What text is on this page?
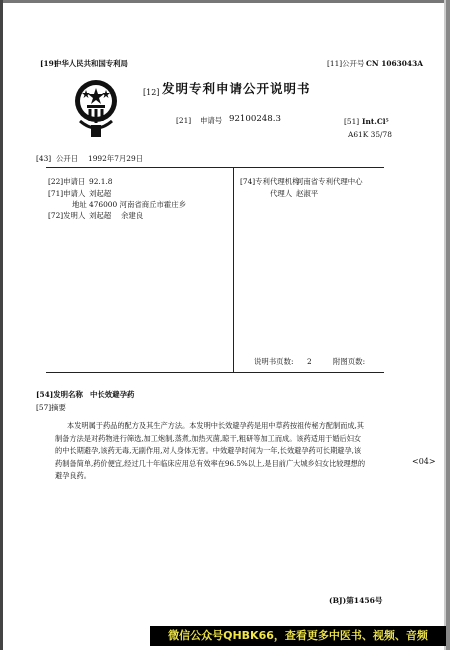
[19]
中华人民共和国专利局	[11]公开号 CN 1063043A
[12] 发明专利申请公开说明书
[21] 申请号 92100248.3	[51] Int.Cl⁵
A61K 35/78
[43] 公开日 1992年7月29日
[22]申请日 92.1.8
[71]申请人 刘起超
地址 476000 河南省商丘市霍庄乡
[72]发明人 刘起超 余建良
[74]专利代理机构
河南省专利代理中心
代理人 赵淑平
说明书页数: 2	附图页数:
[54]发明名称 中长效避孕药
[57]摘要
本发明属于药品的配方及其生产方法。本发明中长效避孕药是用中草药按祖传秘方配制而成,其制备方法是对药物进行筛选,加工炮制,蒸煮,加热灭菌,晾干,粗研等加工而成。该药适用于婚后妇女的中长期避孕,该药无毒,无副作用,对人身体无害。中效避孕时间为一年,长效避孕药可长期避孕,该药制备简单,药价便宜,经过几十年临床应用总有效率在96.5%以上,是目前广大城乡妇女比较理想的避孕良药。
<04>
(BJ)第1456号
微信公众号QHBK66，查看更多中医书、视频、音频
